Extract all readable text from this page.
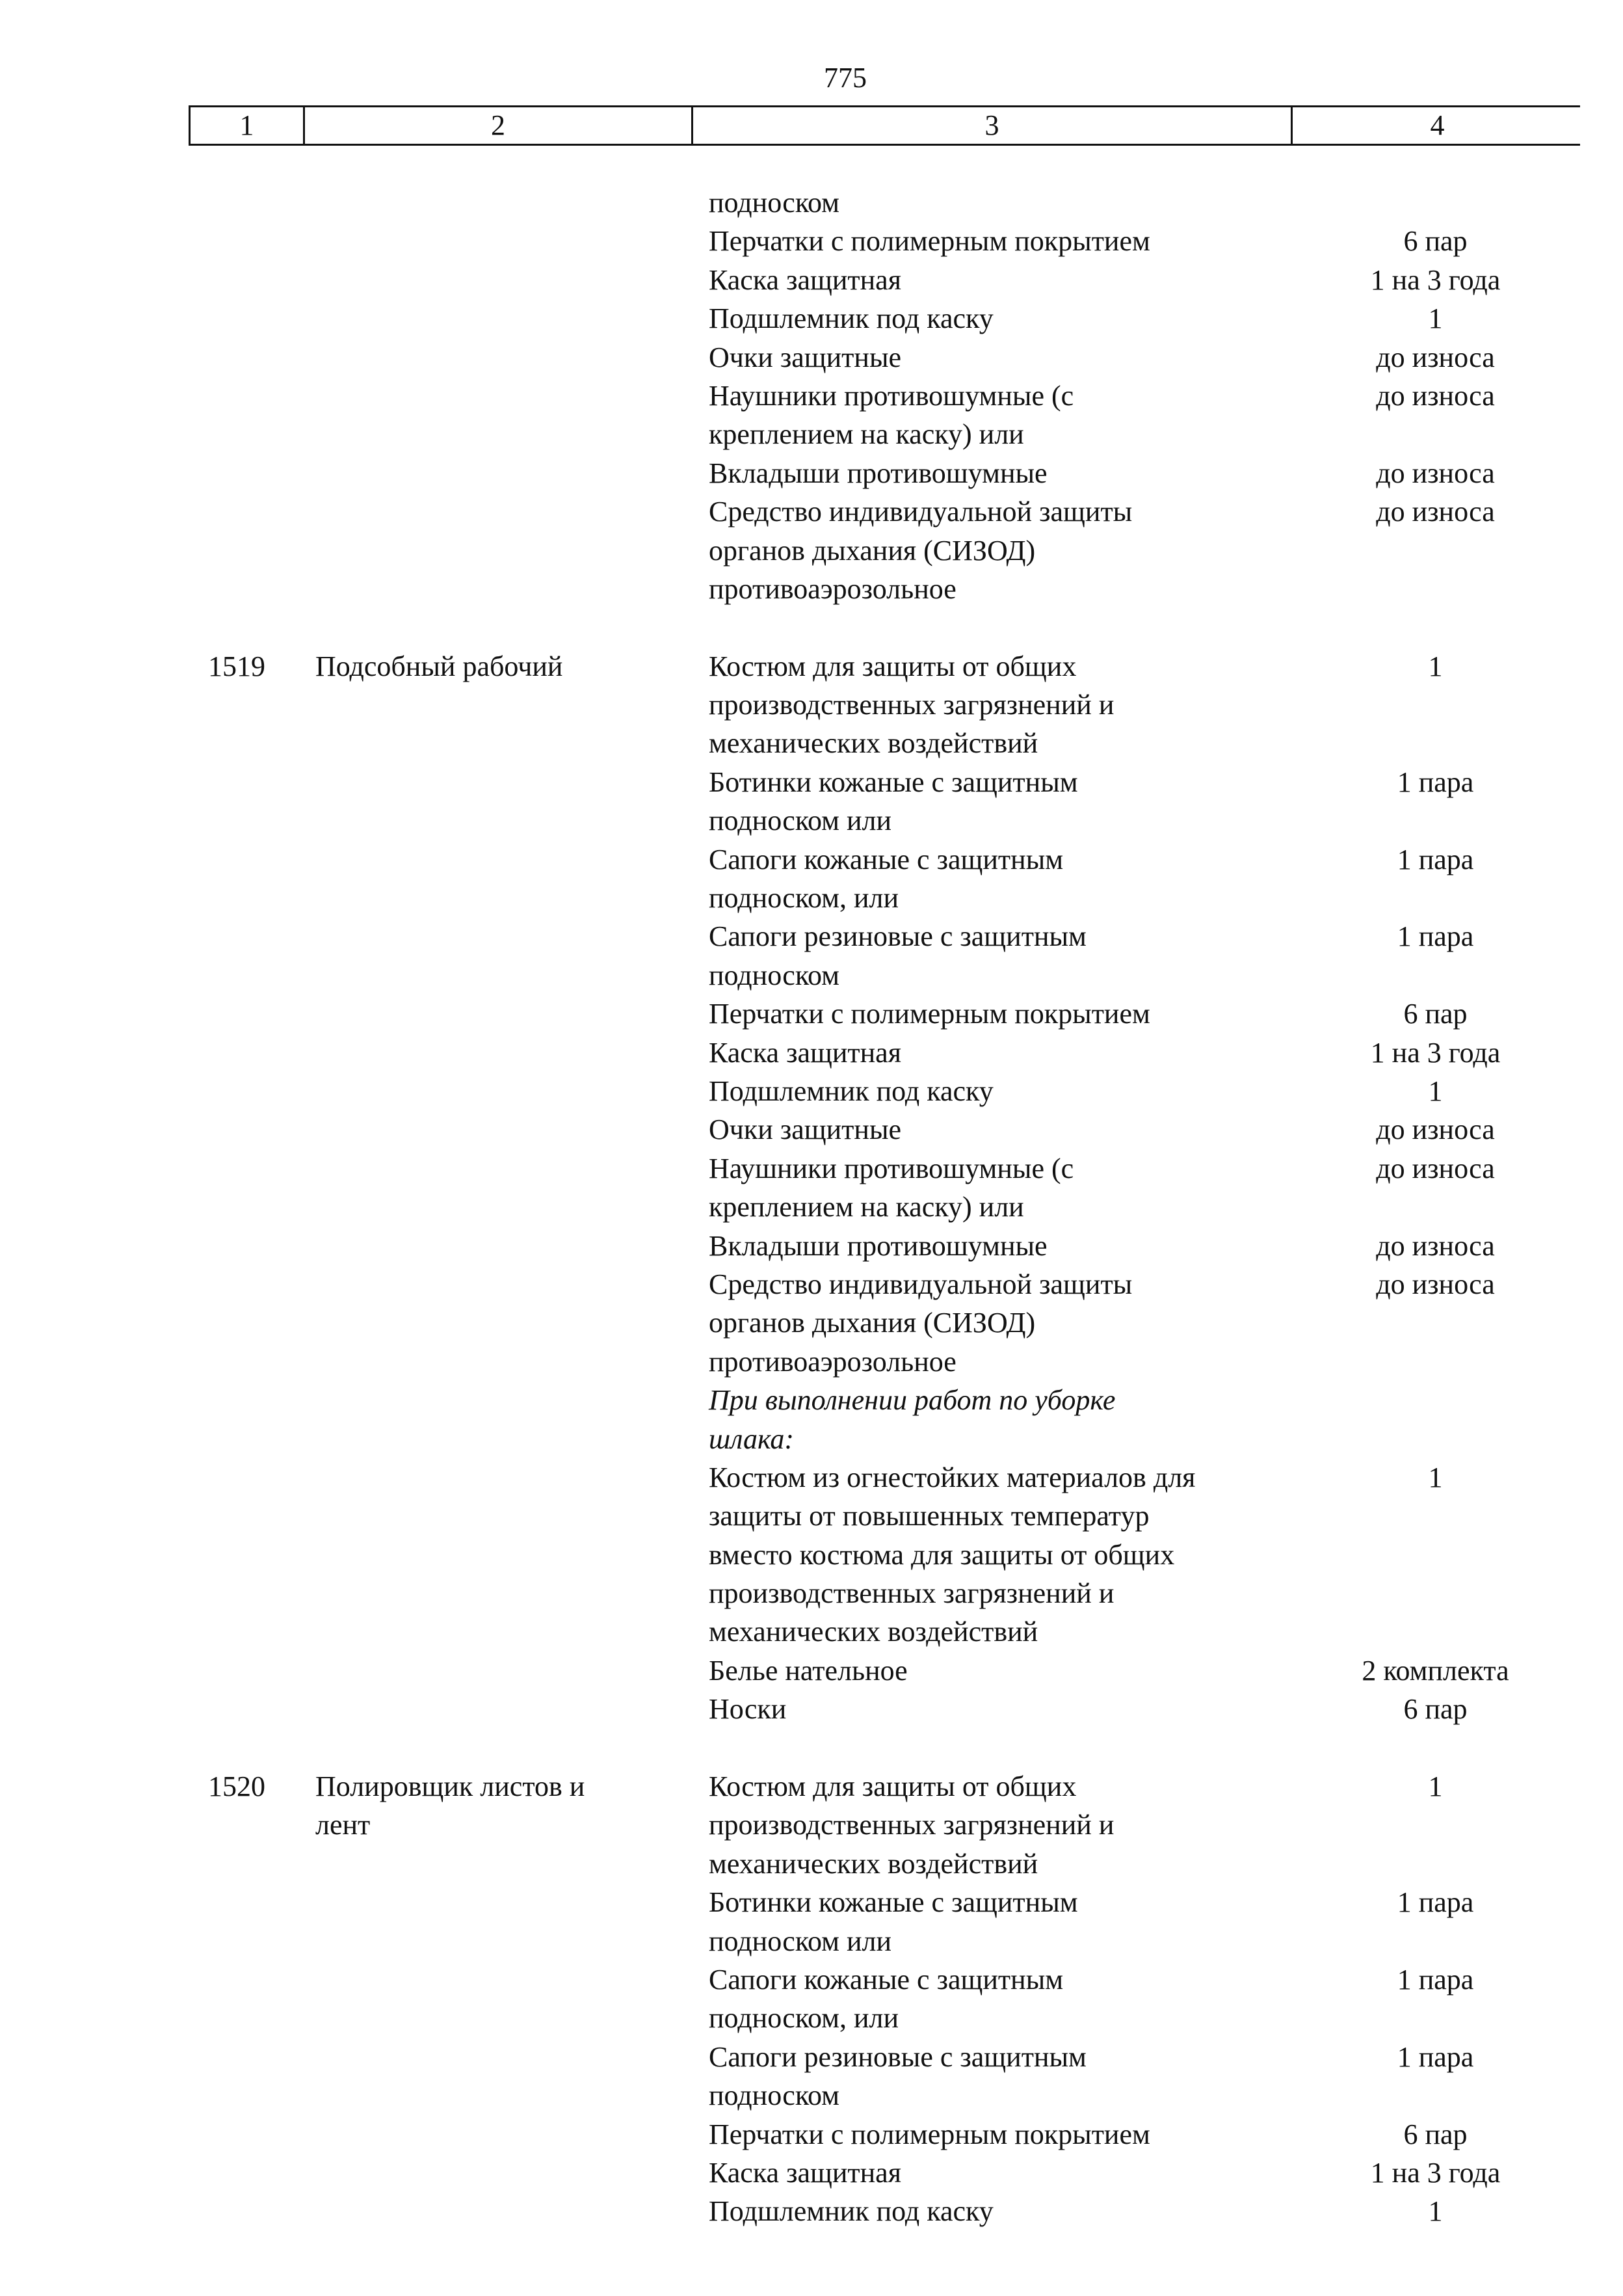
775
1	2	3	4
подноском
Перчатки с полимерным покрытием	6 пар
Каска защитная	1 на 3 года
Подшлемник под каску	1
Очки защитные	до износа
Наушники противошумные (с	до износа
креплением на каску) или
Вкладыши противошумные	до износа
Средство индивидуальной защиты	до износа
органов дыхания (СИЗОД)
противоаэрозольное
1519	Подсобный рабочий	Костюм для защиты от общих	1
производственных загрязнений и
механических воздействий
Ботинки кожаные с защитным	1 пара
подноском или
Сапоги кожаные с защитным	1 пара
подноском, или
Сапоги резиновые с защитным	1 пара
подноском
Перчатки с полимерным покрытием	6 пар
Каска защитная	1 на 3 года
Подшлемник под каску	1
Очки защитные	до износа
Наушники противошумные (с	до износа
креплением на каску) или
Вкладыши противошумные	до износа
Средство индивидуальной защиты	до износа
органов дыхания (СИЗОД)
противоаэрозольное
При выполнении работ по уборке
шлака:
Костюм из огнестойких материалов для	1
защиты от повышенных температур
вместо костюма для защиты от общих
производственных загрязнений и
механических воздействий
Белье нательное	2 комплекта
Носки	6 пар
1520	Полировщик листов и	Костюм для защиты от общих	1
лент	производственных загрязнений и
механических воздействий
Ботинки кожаные с защитным	1 пара
подноском или
Сапоги кожаные с защитным	1 пара
подноском, или
Сапоги резиновые с защитным	1 пара
подноском
Перчатки с полимерным покрытием	6 пар
Каска защитная	1 на 3 года
Подшлемник под каску	1
